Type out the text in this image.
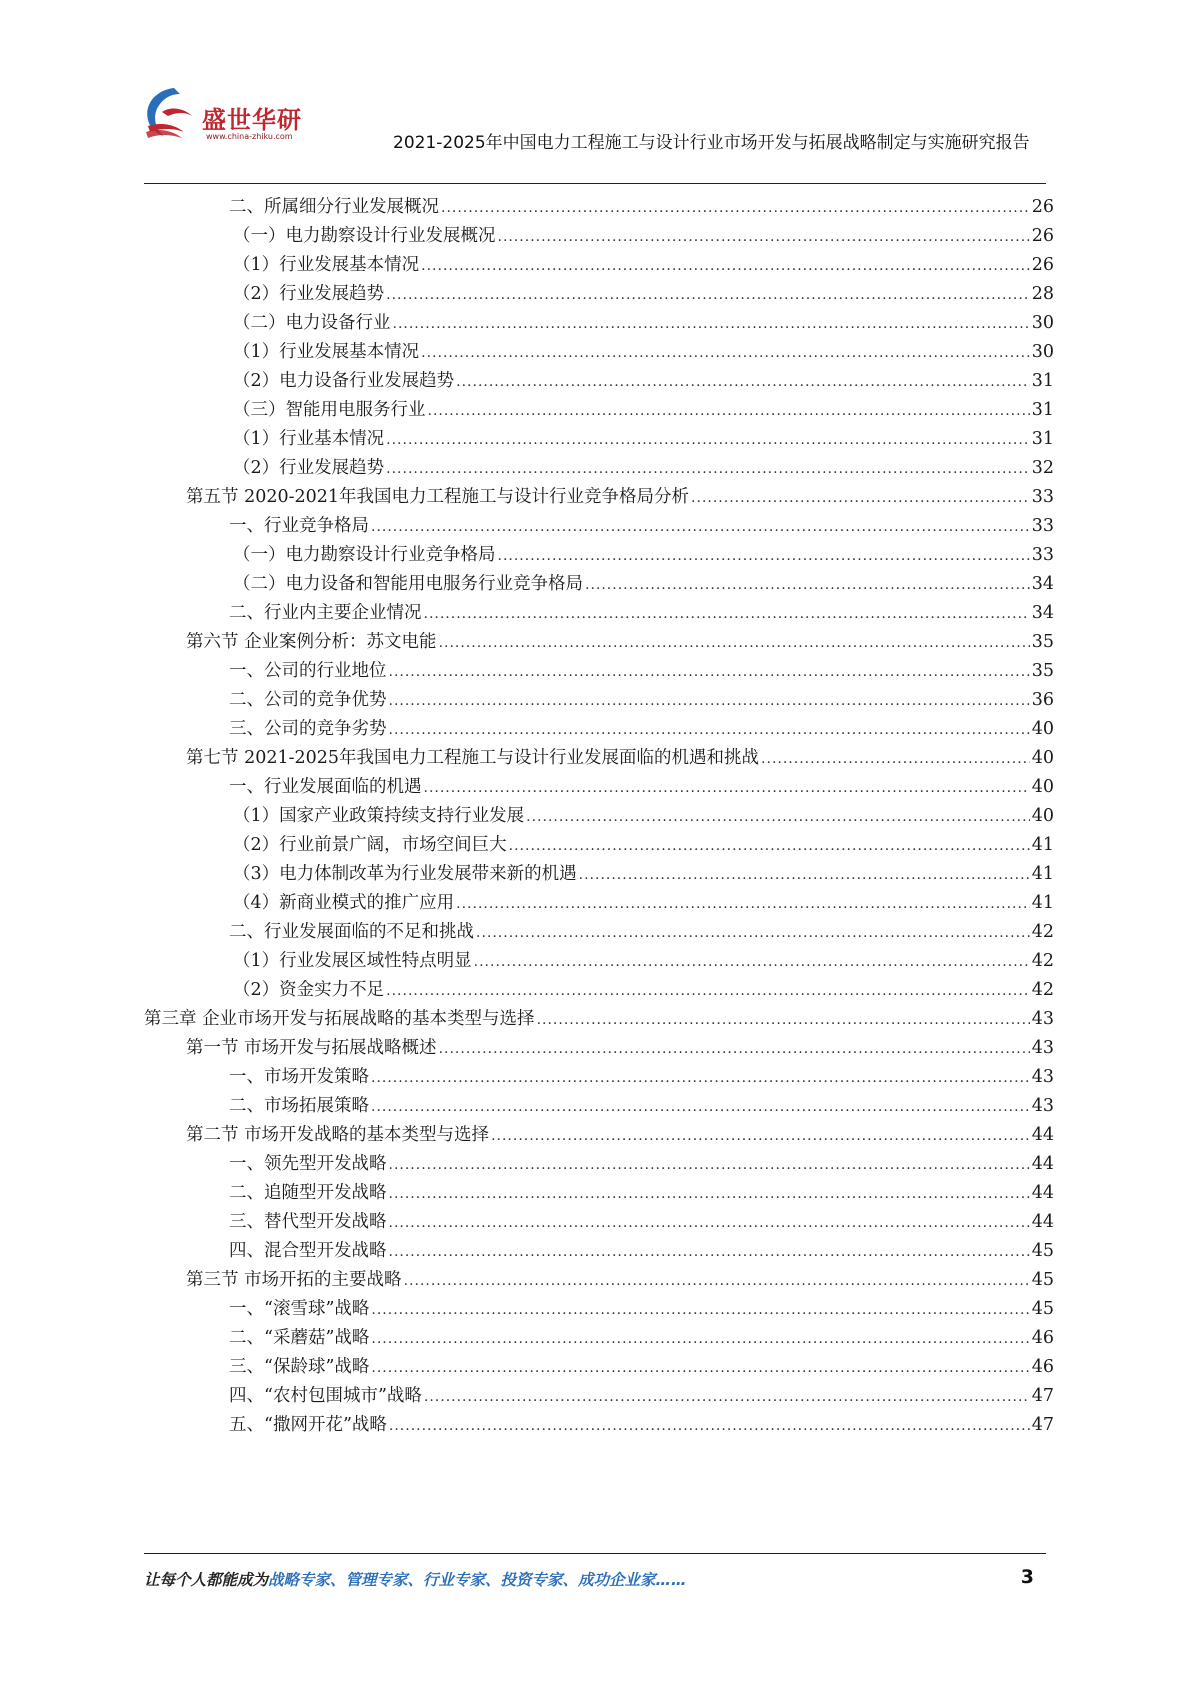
盛世华研
www.china-zhiku.com	2021-2025年中国电力工程施工与设计行业市场开发与拓展战略制定与实施研究报告
二、所属细分行业发展概况 .....	26
（一）电力勘察设计行业发展概况 .....	26
（1）行业发展基本情况 .....	26
（2）行业发展趋势 .....	28
（二）电力设备行业 .....	30
（1）行业发展基本情况 .....	30
（2）电力设备行业发展趋势 .....	31
（三）智能用电服务行业 .....	31
（1）行业基本情况 .....	31
（2）行业发展趋势 .....	32
第五节 2020-2021年我国电力工程施工与设计行业竞争格局分析 .....	33
一、行业竞争格局 .....	33
（一）电力勘察设计行业竞争格局 .....	33
（二）电力设备和智能用电服务行业竞争格局 .....	34
二、行业内主要企业情况 .....	34
第六节 企业案例分析：苏文电能 .....	35
一、公司的行业地位 .....	35
二、公司的竞争优势 .....	36
三、公司的竞争劣势 .....	40
第七节 2021-2025年我国电力工程施工与设计行业发展面临的机遇和挑战 .....	40
一、行业发展面临的机遇 .....	40
（1）国家产业政策持续支持行业发展 .....	40
（2）行业前景广阔，市场空间巨大 .....	41
（3）电力体制改革为行业发展带来新的机遇 .....	41
（4）新商业模式的推广应用 .....	41
二、行业发展面临的不足和挑战 .....	42
（1）行业发展区域性特点明显 .....	42
（2）资金实力不足 .....	42
第三章 企业市场开发与拓展战略的基本类型与选择 .....	43
第一节 市场开发与拓展战略概述 .....	43
一、市场开发策略 .....	43
二、市场拓展策略 .....	43
第二节 市场开发战略的基本类型与选择 .....	44
一、领先型开发战略 .....	44
二、追随型开发战略 .....	44
三、替代型开发战略 .....	44
四、混合型开发战略 .....	45
第三节 市场开拓的主要战略 .....	45
一、“滚雪球”战略 .....	45
二、“采蘑菇”战略 .....	46
三、“保龄球”战略 .....	46
四、“农村包围城市”战略 .....	47
五、“撒网开花”战略 .....	47
让每个人都能成为战略专家、管理专家、行业专家、投资专家、成功企业家……	3
